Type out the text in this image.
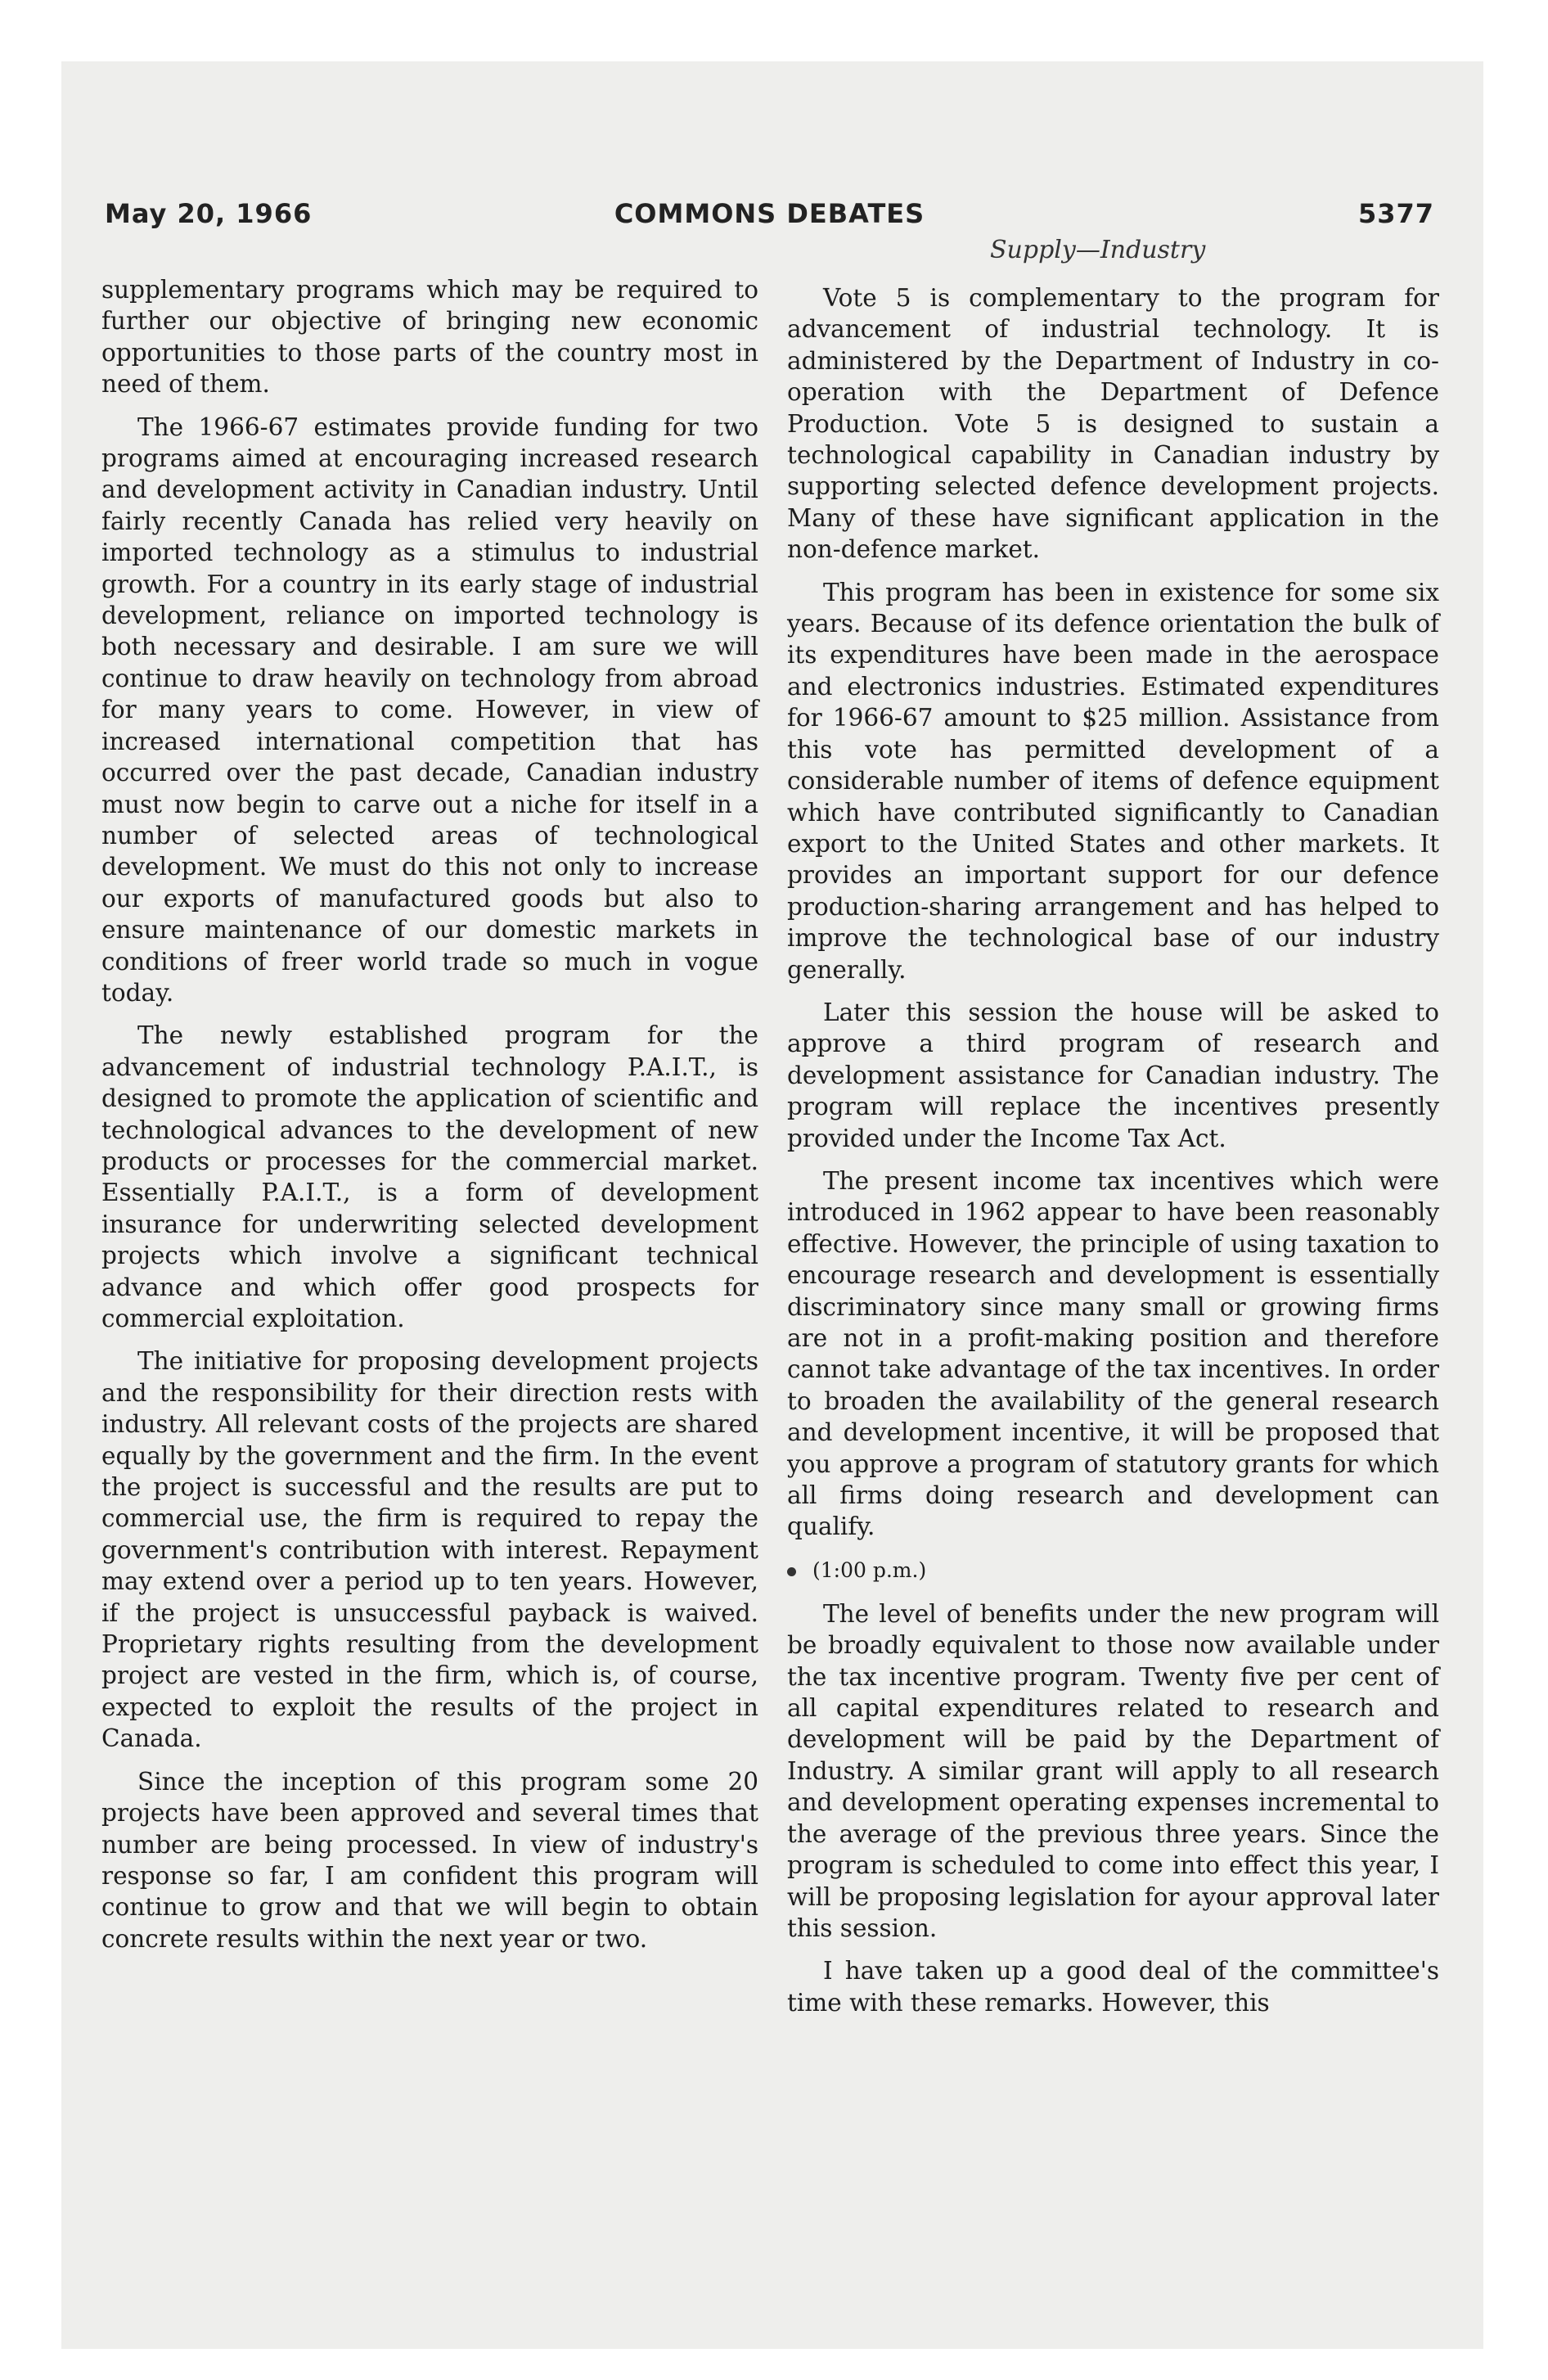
May 20, 1966	COMMONS DEBATES	5377
Supply—Industry

supplementary programs which may be required to further our objective of bringing new economic opportunities to those parts of the country most in need of them.

The 1966-67 estimates provide funding for two programs aimed at encouraging increased research and development activity in Canadian industry. Until fairly recently Canada has relied very heavily on imported technology as a stimulus to industrial growth. For a country in its early stage of industrial development, reliance on imported technology is both necessary and desirable. I am sure we will continue to draw heavily on technology from abroad for many years to come. However, in view of increased international competition that has occurred over the past decade, Canadian industry must now begin to carve out a niche for itself in a number of selected areas of technological development. We must do this not only to increase our exports of manufactured goods but also to ensure maintenance of our domestic markets in conditions of freer world trade so much in vogue today.

The newly established program for the advancement of industrial technology P.A.I.T., is designed to promote the application of scientific and technological advances to the development of new products or processes for the commercial market. Essentially P.A.I.T., is a form of development insurance for underwriting selected development projects which involve a significant technical advance and which offer good prospects for commercial exploitation.

The initiative for proposing development projects and the responsibility for their direction rests with industry. All relevant costs of the projects are shared equally by the government and the firm. In the event the project is successful and the results are put to commercial use, the firm is required to repay the government's contribution with interest. Repayment may extend over a period up to ten years. However, if the project is unsuccessful payback is waived. Proprietary rights resulting from the development project are vested in the firm, which is, of course, expected to exploit the results of the project in Canada.

Since the inception of this program some 20 projects have been approved and several times that number are being processed. In view of industry's response so far, I am confident this program will continue to grow and that we will begin to obtain concrete results within the next year or two.

Vote 5 is complementary to the program for advancement of industrial technology. It is administered by the Department of Industry in co-operation with the Department of Defence Production. Vote 5 is designed to sustain a technological capability in Canadian industry by supporting selected defence development projects. Many of these have significant application in the non-defence market.

This program has been in existence for some six years. Because of its defence orientation the bulk of its expenditures have been made in the aerospace and electronics industries. Estimated expenditures for 1966-67 amount to $25 million. Assistance from this vote has permitted development of a considerable number of items of defence equipment which have contributed significantly to Canadian export to the United States and other markets. It provides an important support for our defence production-sharing arrangement and has helped to improve the technological base of our industry generally.

Later this session the house will be asked to approve a third program of research and development assistance for Canadian industry. The program will replace the incentives presently provided under the Income Tax Act.

The present income tax incentives which were introduced in 1962 appear to have been reasonably effective. However, the principle of using taxation to encourage research and development is essentially discriminatory since many small or growing firms are not in a profit-making position and therefore cannot take advantage of the tax incentives. In order to broaden the availability of the general research and development incentive, it will be proposed that you approve a program of statutory grants for which all firms doing research and development can qualify.

(1:00 p.m.)

The level of benefits under the new program will be broadly equivalent to those now available under the tax incentive program. Twenty five per cent of all capital expenditures related to research and development will be paid by the Department of Industry. A similar grant will apply to all research and development operating expenses incremental to the average of the previous three years. Since the program is scheduled to come into effect this year, I will be proposing legislation for ayour approval later this session.

I have taken up a good deal of the committee's time with these remarks. However, this
